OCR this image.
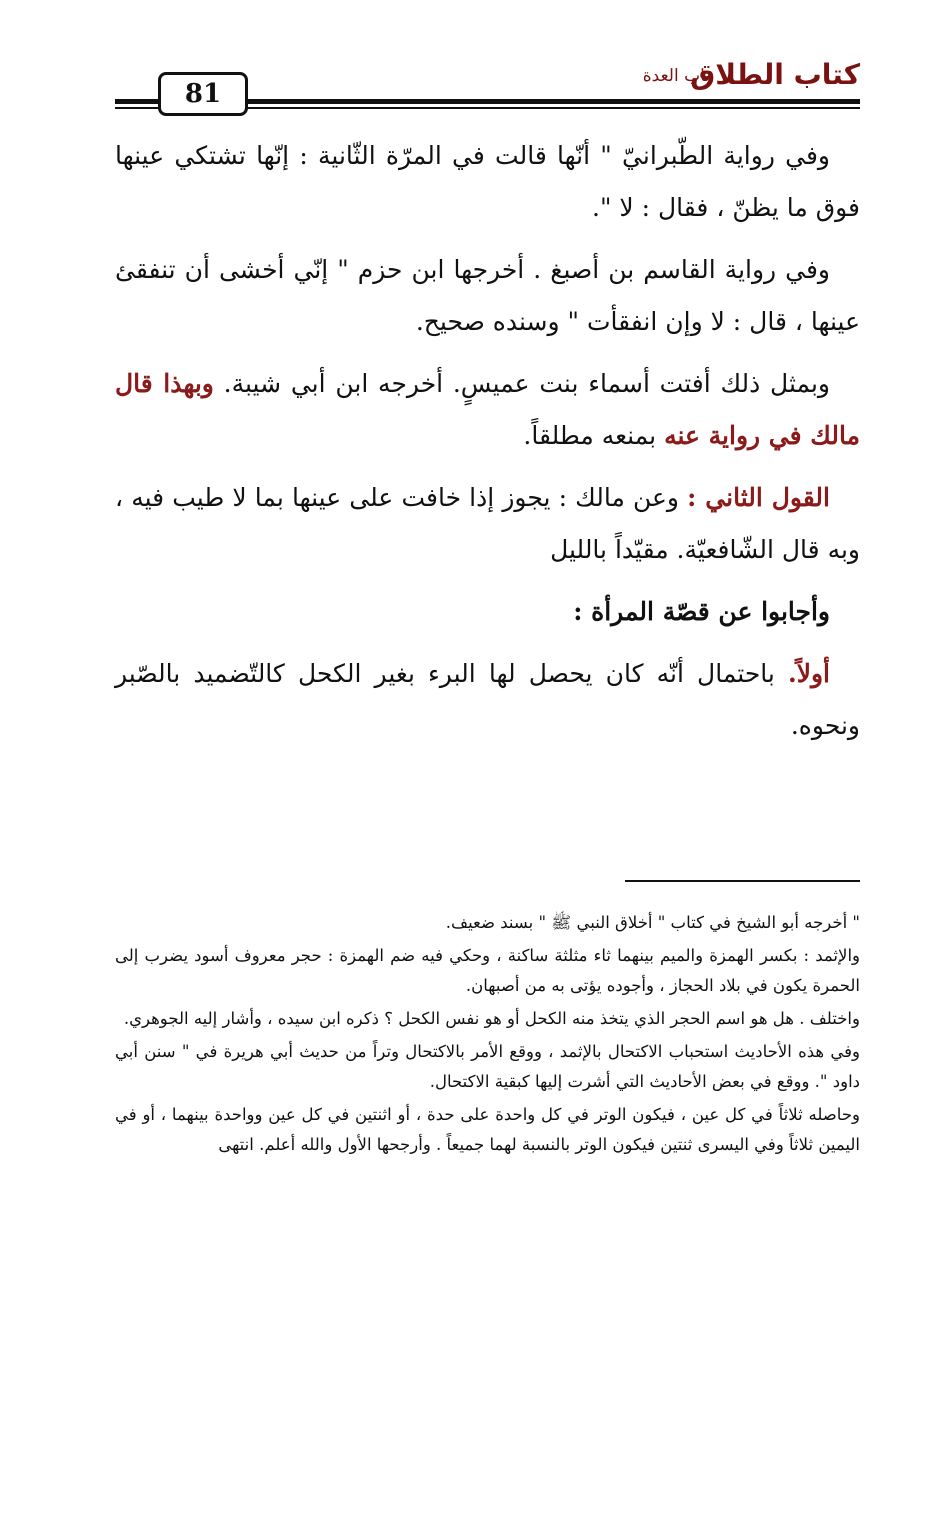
كتاب الطلاق
باب العدة
81

وفي رواية الطّبرانيّ " أنّها قالت في المرّة الثّانية : إنّها تشتكي عينها فوق ما يظنّ ، فقال : لا ".

وفي رواية القاسم بن أصبغ . أخرجها ابن حزم " إنّي أخشى أن تنفقئ عينها ، قال : لا وإن انفقأت " وسنده صحيح.

وبمثل ذلك أفتت أسماء بنت عميسٍ. أخرجه ابن أبي شيبة. وبهذا قال مالك في رواية عنه بمنعه مطلقاً.

القول الثاني : وعن مالك : يجوز إذا خافت على عينها بما لا طيب فيه ، وبه قال الشّافعيّة. مقيّداً بالليل

وأجابوا عن قصّة المرأة :

أولاً. باحتمال أنّه كان يحصل لها البرء بغير الكحل كالتّضميد بالصّبر ونحوه.

" أخرجه أبو الشيخ في كتاب " أخلاق النبي ﷺ " بسند ضعيف.

والإثمد : بكسر الهمزة والميم بينهما ثاء مثلثة ساكنة ، وحكي فيه ضم الهمزة : حجر معروف أسود يضرب إلى الحمرة يكون في بلاد الحجاز ، وأجوده يؤتى به من أصبهان.

واختلف . هل هو اسم الحجر الذي يتخذ منه الكحل أو هو نفس الكحل ؟ ذكره ابن سيده ، وأشار إليه الجوهري.

وفي هذه الأحاديث استحباب الاكتحال بالإثمد ، ووقع الأمر بالاكتحال وتراً من حديث أبي هريرة في " سنن أبي داود ". ووقع في بعض الأحاديث التي أشرت إليها كبقية الاكتحال.

وحاصله ثلاثاً في كل عين ، فيكون الوتر في كل واحدة على حدة ، أو اثنتين في كل عين وواحدة بينهما ، أو في اليمين ثلاثاً وفي اليسرى ثنتين فيكون الوتر بالنسبة لهما جميعاً . وأرجحها الأول والله أعلم. انتهى
